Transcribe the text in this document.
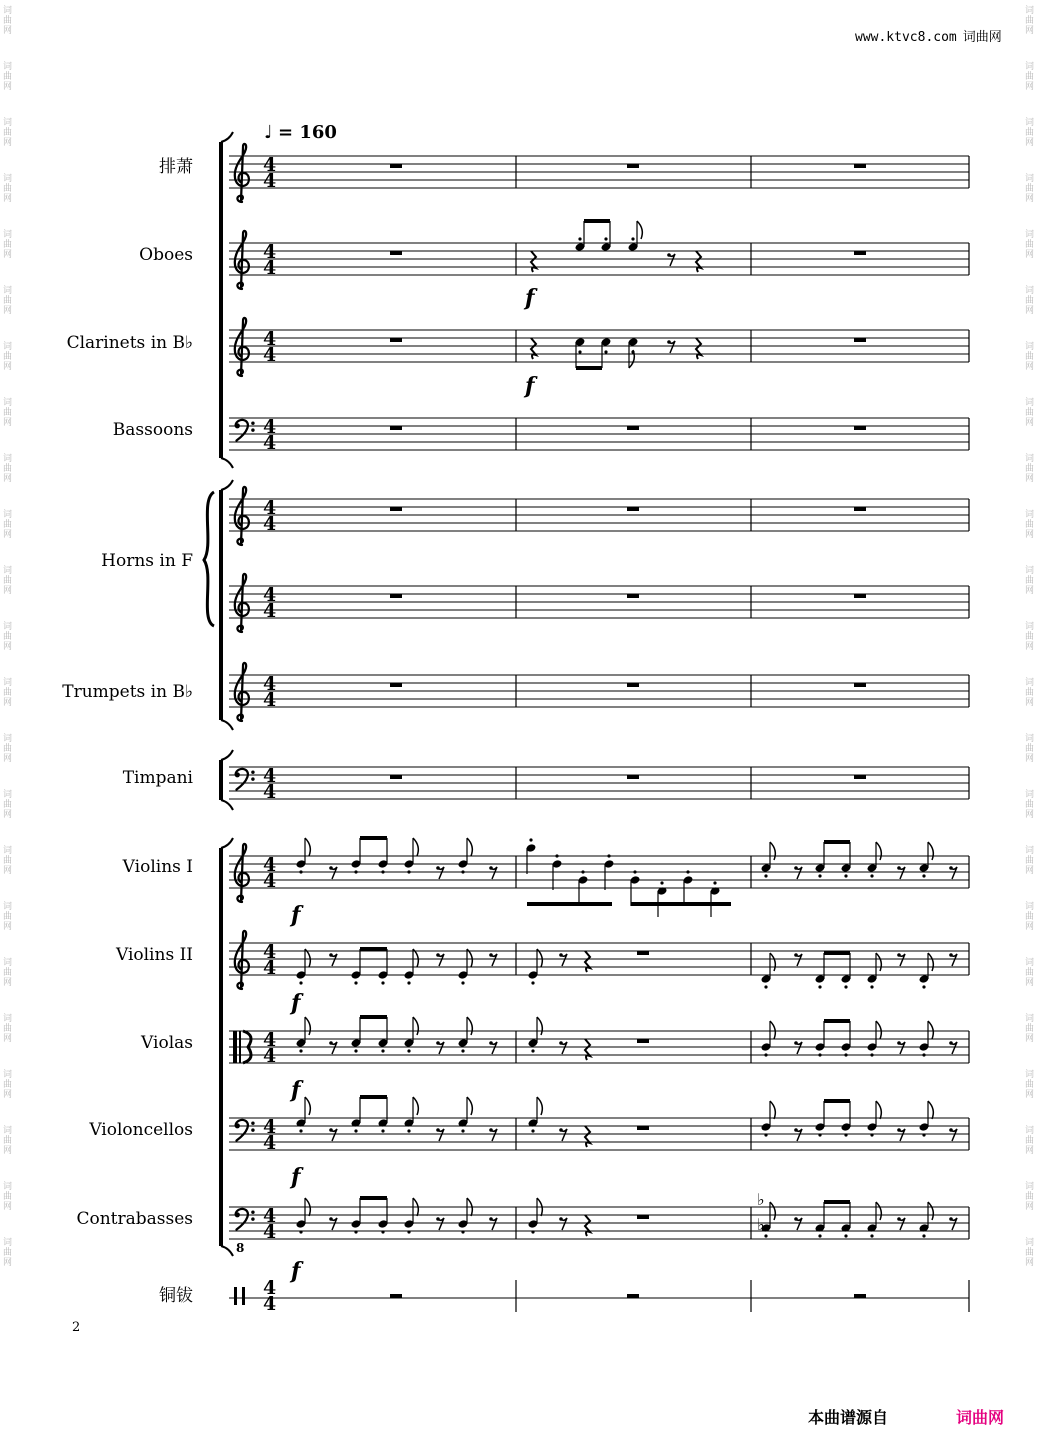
♩ = 160
排萧
Oboes
Clarinets in B♭
Bassoons
Horns in F
Trumpets in B♭
Timpani
Violins I
Violins II
Violas
Violoncellos
Contrabasses
铜钹
4
4
4
4
4
4
4
4
4
4
4
4
4
4
4
4
4
4
4
4
4
4
4
4
4
4
f
f
f
f
f
f
f
8
♭
♭
4
4
www.ktvc8.com 词曲网
2
本曲谱源自	词曲网
词
曲
网
词
曲
网
词
曲
网
词
曲
网
词
曲
网
词
曲
网
词
曲
网
词
曲
网
词
曲
网
词
曲
网
词
曲
网
词
曲
网
词
曲
网
词
曲
网
词
曲
网
词
曲
网
词
曲
网
词
曲
网
词
曲
网
词
曲
网
词
曲
网
词
曲
网
词
曲
网
词
曲
网
词
曲
网
词
曲
网
词
曲
网
词
曲
网
词
曲
网
词
曲
网
词
曲
网
词
曲
网
词
曲
网
词
曲
网
词
曲
网
词
曲
网
词
曲
网
词
曲
网
词
曲
网
词
曲
网
词
曲
网
词
曲
网
词
曲
网
词
曲
网
词
曲
网
词
曲
网
